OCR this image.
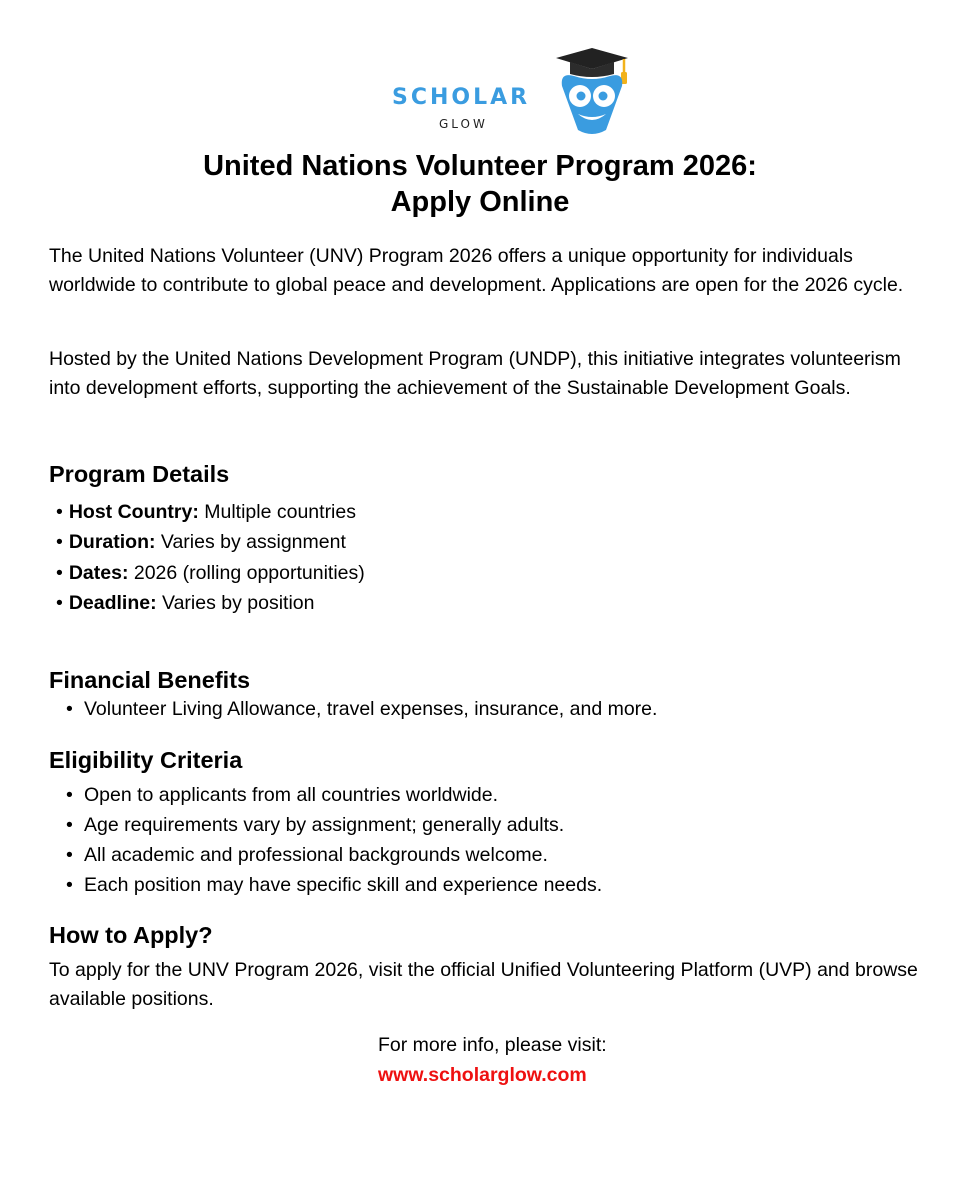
SCHOLAR
GLOW
United Nations Volunteer Program 2026:
Apply Online

The United Nations Volunteer (UNV) Program 2026 offers a unique opportunity for individuals worldwide to contribute to global peace and development. Applications are open for the 2026 cycle.

Hosted by the United Nations Development Program (UNDP), this initiative integrates volunteerism into development efforts, supporting the achievement of the Sustainable Development Goals.

Program Details
• Host Country: Multiple countries
• Duration: Varies by assignment
• Dates: 2026 (rolling opportunities)
• Deadline: Varies by position
Financial Benefits
• Volunteer Living Allowance, travel expenses, insurance, and more.
Eligibility Criteria
• Open to applicants from all countries worldwide.
• Age requirements vary by assignment; generally adults.
• All academic and professional backgrounds welcome.
• Each position may have specific skill and experience needs.
How to Apply?

To apply for the UNV Program 2026, visit the official Unified Volunteering Platform (UVP) and browse available positions.

For more info, please visit:

www.scholarglow.com
